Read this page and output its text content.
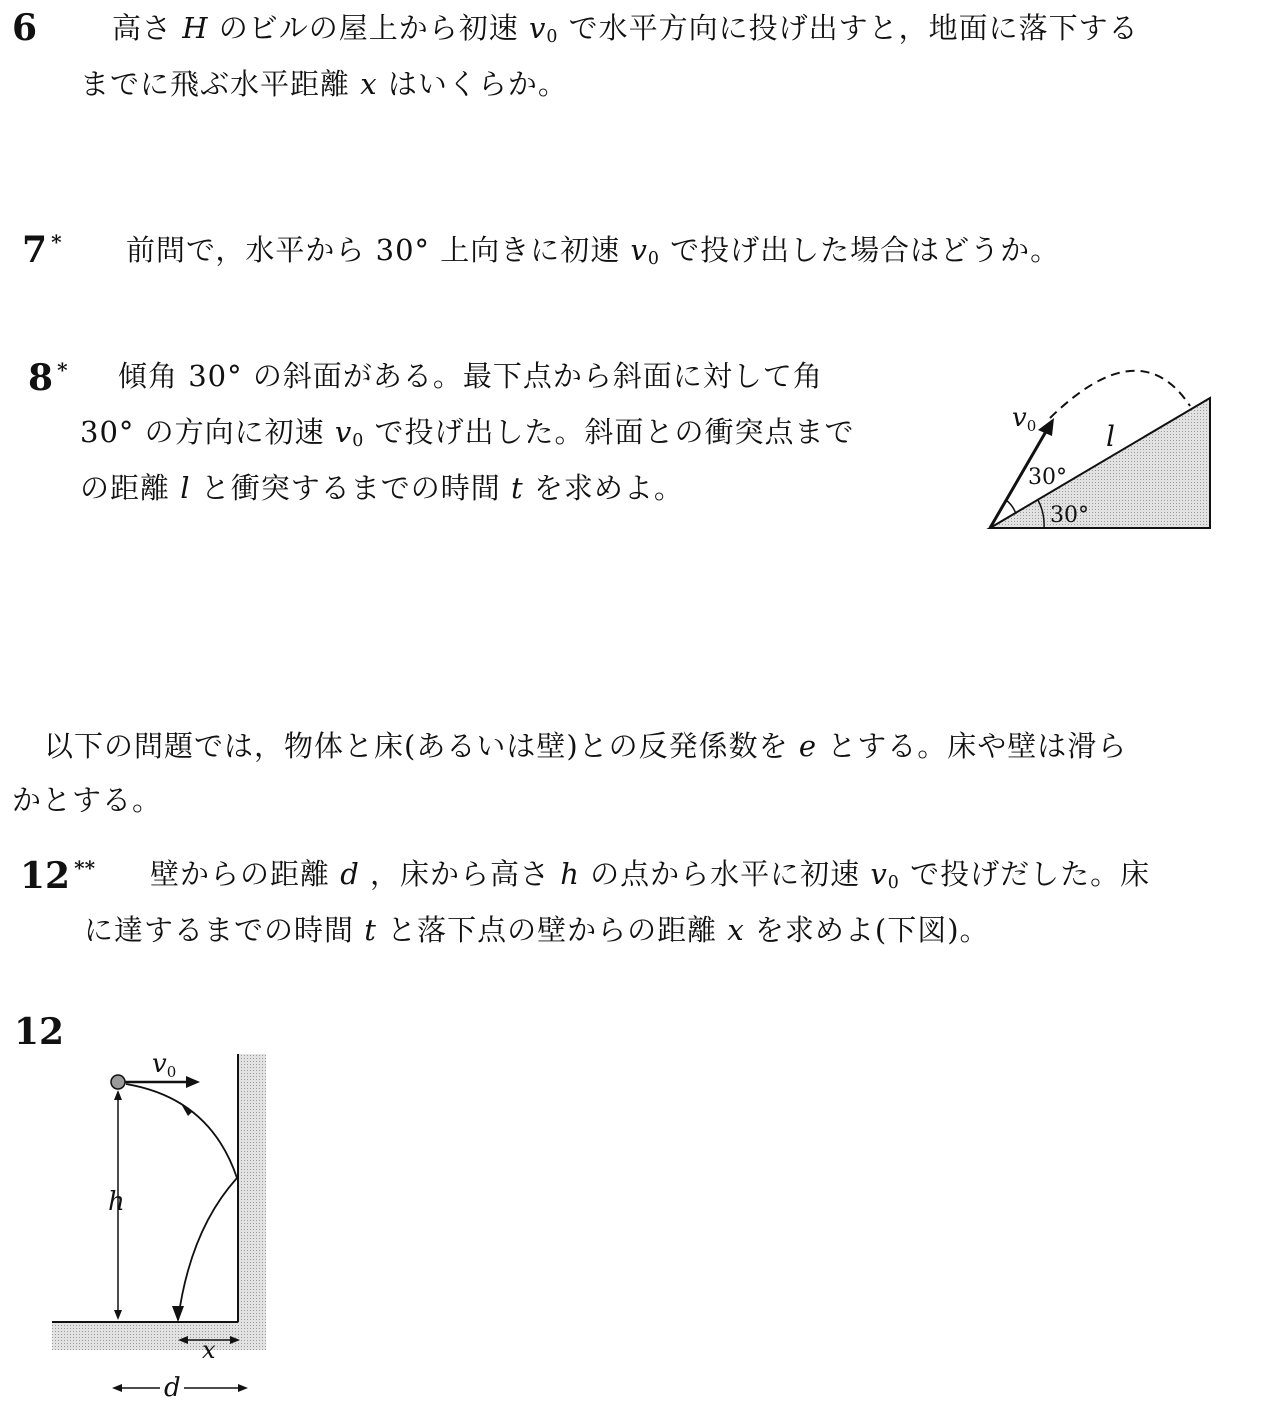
6	高さ H のビルの屋上から初速 $v_0$ で水平方向に投げ出すと，地面に落下する
までに飛ぶ水平距離 x はいくらか。
7 * 前問で，水平から 30° 上向きに初速 $v_0$ で投げ出した場合はどうか。
8 * 傾角 30° の斜面がある。最下点から斜面に対して角
30° の方向に初速 $v_0$ で投げ出した。斜面との衝突点まで
の距離 l と衝突するまでの時間 t を求めよ。
v0 l
30°
30°
以下の問題では，物体と床(あるいは壁)との反発係数を e とする。床や壁は滑ら
かとする。
12 ** 壁からの距離 d ，床から高さ h の点から水平に初速 $v_0$ で投げだした。床
に達するまでの時間 t と落下点の壁からの距離 x を求めよ(下図)。
12
h
v0
x
d
